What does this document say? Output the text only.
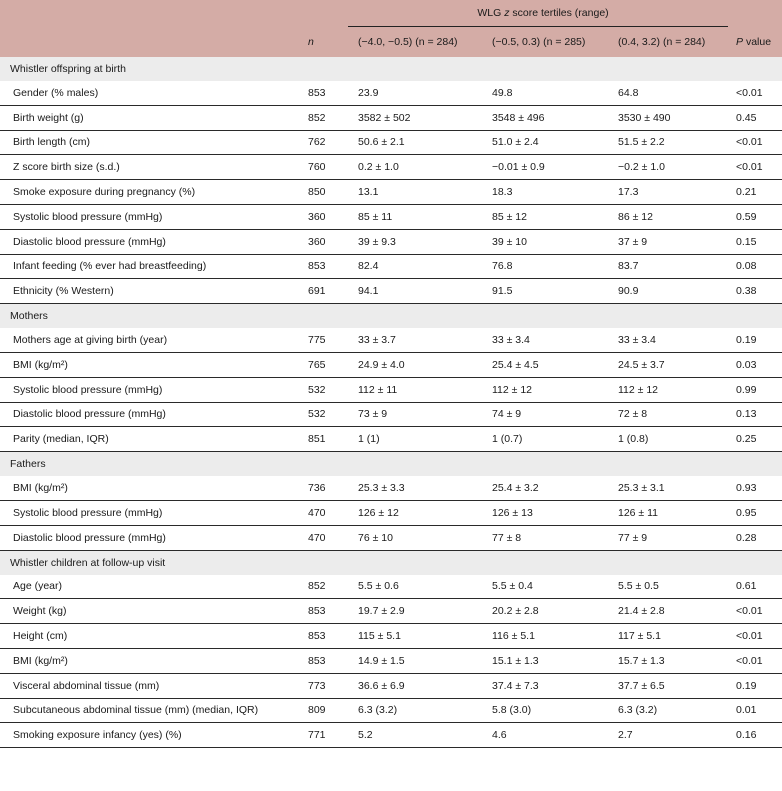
		WLG z score tertiles (range)			
	n	(−4.0, −0.5) (n = 284)	(−0.5, 0.3) (n = 285)	(0.4, 3.2) (n = 284)	P value
Whistler offspring at birth					
Gender (% males)	853	23.9	49.8	64.8	<0.01
Birth weight (g)	852	3582 ± 502	3548 ± 496	3530 ± 490	0.45
Birth length (cm)	762	50.6 ± 2.1	51.0 ± 2.4	51.5 ± 2.2	<0.01
Z score birth size (s.d.)	760	0.2 ± 1.0	−0.01 ± 0.9	−0.2 ± 1.0	<0.01
Smoke exposure during pregnancy (%)	850	13.1	18.3	17.3	0.21
Systolic blood pressure (mmHg)	360	85 ± 11	85 ± 12	86 ± 12	0.59
Diastolic blood pressure (mmHg)	360	39 ± 9.3	39 ± 10	37 ± 9	0.15
Infant feeding (% ever had breastfeeding)	853	82.4	76.8	83.7	0.08
Ethnicity (% Western)	691	94.1	91.5	90.9	0.38
Mothers					
Mothers age at giving birth (year)	775	33 ± 3.7	33 ± 3.4	33 ± 3.4	0.19
BMI (kg/m²)	765	24.9 ± 4.0	25.4 ± 4.5	24.5 ± 3.7	0.03
Systolic blood pressure (mmHg)	532	112 ± 11	112 ± 12	112 ± 12	0.99
Diastolic blood pressure (mmHg)	532	73 ± 9	74 ± 9	72 ± 8	0.13
Parity (median, IQR)	851	1 (1)	1 (0.7)	1 (0.8)	0.25
Fathers					
BMI (kg/m²)	736	25.3 ± 3.3	25.4 ± 3.2	25.3 ± 3.1	0.93
Systolic blood pressure (mmHg)	470	126 ± 12	126 ± 13	126 ± 11	0.95
Diastolic blood pressure (mmHg)	470	76 ± 10	77 ± 8	77 ± 9	0.28
Whistler children at follow-up visit					
Age (year)	852	5.5 ± 0.6	5.5 ± 0.4	5.5 ± 0.5	0.61
Weight (kg)	853	19.7 ± 2.9	20.2 ± 2.8	21.4 ± 2.8	<0.01
Height (cm)	853	115 ± 5.1	116 ± 5.1	117 ± 5.1	<0.01
BMI (kg/m²)	853	14.9 ± 1.5	15.1 ± 1.3	15.7 ± 1.3	<0.01
Visceral abdominal tissue (mm)	773	36.6 ± 6.9	37.4 ± 7.3	37.7 ± 6.5	0.19
Subcutaneous abdominal tissue (mm) (median, IQR)	809	6.3 (3.2)	5.8 (3.0)	6.3 (3.2)	0.01
Smoking exposure infancy (yes) (%)	771	5.2	4.6	2.7	0.16
